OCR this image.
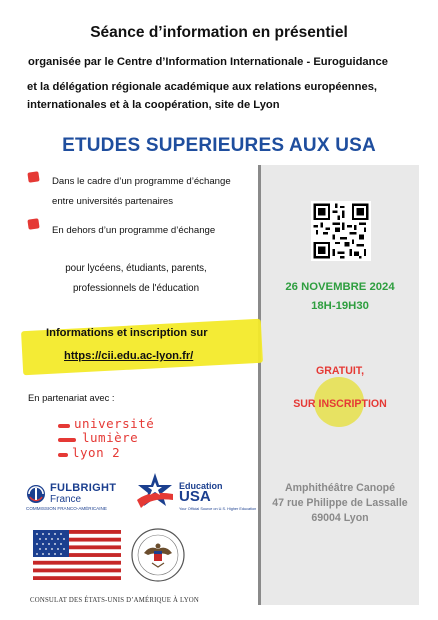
Séance d’information en présentiel
organisée par le Centre d’Information Internationale - Euroguidance
et la délégation régionale académique aux relations européennes,
internationales et à la coopération, site de Lyon
ETUDES SUPERIEURES AUX USA
Dans le cadre d’un programme d’échange
entre universités partenaires
En dehors d’un programme d’échange
pour lycéens, étudiants, parents,
professionnels de l'éducation
Informations et inscription sur
https://cii.edu.ac-lyon.fr/
En partenariat avec :
université
lumière
lyon 2
FULBRIGHT
France
COMMISSION FRANCO-AMÉRICAINE
Education
USA
Your Official Source on U.S. Higher Education
CONSULAT DES ÉTATS-UNIS D’AMÉRIQUE À LYON
26 NOVEMBRE 2024
18H-19H30
GRATUIT,
SUR INSCRIPTION
Amphithéâtre Canopé
47 rue Philippe de Lassalle
69004 Lyon
